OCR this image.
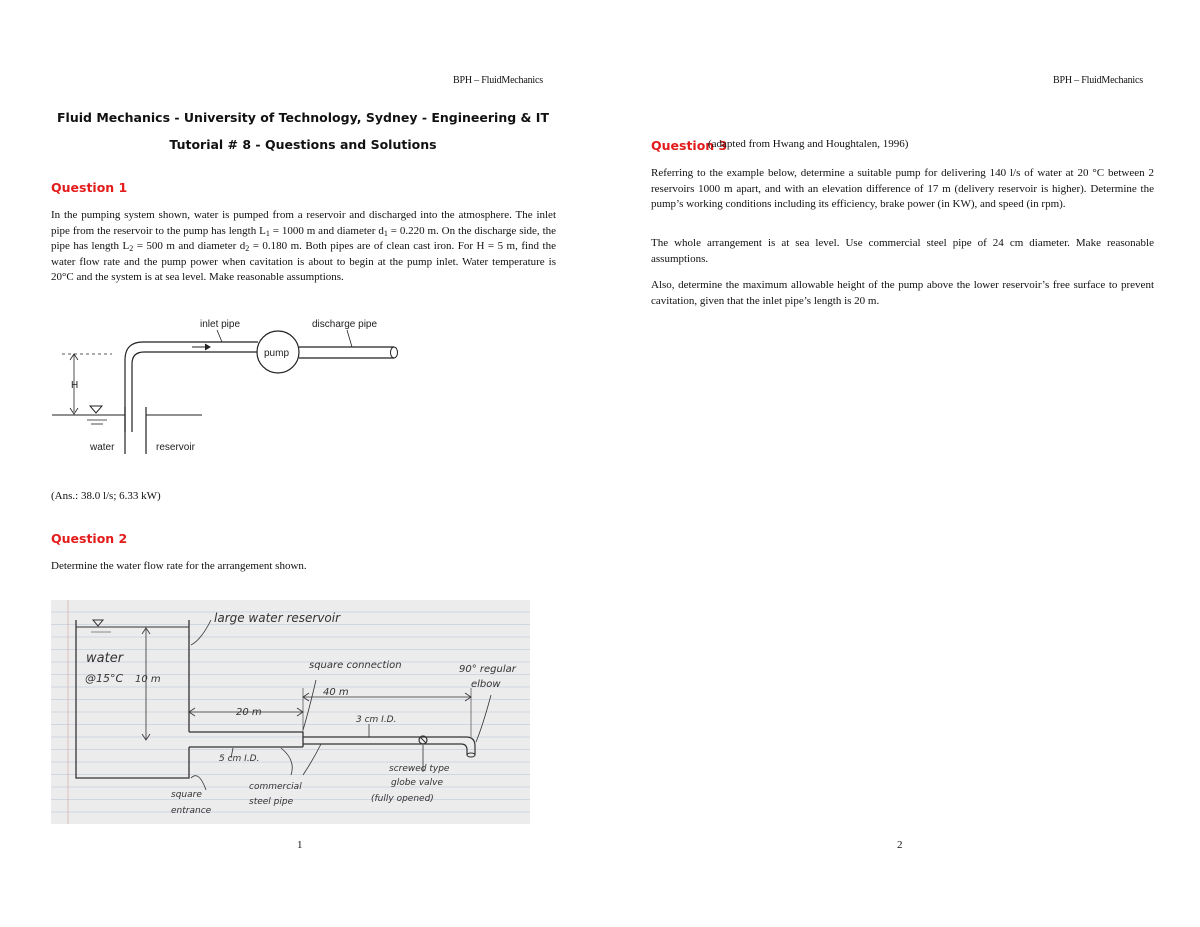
BPH – FluidMechanics
Fluid Mechanics - University of Technology, Sydney - Engineering & IT
Tutorial # 8 - Questions and Solutions
Question 1
In the pumping system shown, water is pumped from a reservoir and discharged into the atmosphere. The inlet pipe from the reservoir to the pump has length $L_1 = 1000$ m and diameter $d_1 = 0.220$ m. On the discharge side, the pipe has length $L_2 = 500$ m and diameter $d_2 = 0.180$ m. Both pipes are of clean cast iron. For H = 5 m, find the water flow rate and the pump power when cavitation is about to begin at the pump inlet. Water temperature is 20°C and the system is at sea level. Make reasonable assumptions.
H
pump
inlet pipe	discharge pipe
water	reservoir
(Ans.: 38.0 l/s; 6.33 kW)
Question 2
Determine the water flow rate for the arrangement shown.
large water reservoir
water
@15°C 10 m
square connection	90° regular
elbow
40 m
20 m
3 cm I.D.
5 cm I.D.
screwed type
globe valve
(fully opened)
commercial
steel pipe
square
entrance
1
BPH – FluidMechanics
Question 3
(adapted from Hwang and Houghtalen, 1996)
Referring to the example below, determine a suitable pump for delivering 140 l/s of water at 20 °C between 2 reservoirs 1000 m apart, and with an elevation difference of 17 m (delivery reservoir is higher). Determine the pump’s working conditions including its efficiency, brake power (in KW), and speed (in rpm).
The whole arrangement is at sea level. Use commercial steel pipe of 24 cm diameter. Make reasonable assumptions.
Also, determine the maximum allowable height of the pump above the lower reservoir’s free surface to prevent cavitation, given that the inlet pipe’s length is 20 m.
2
